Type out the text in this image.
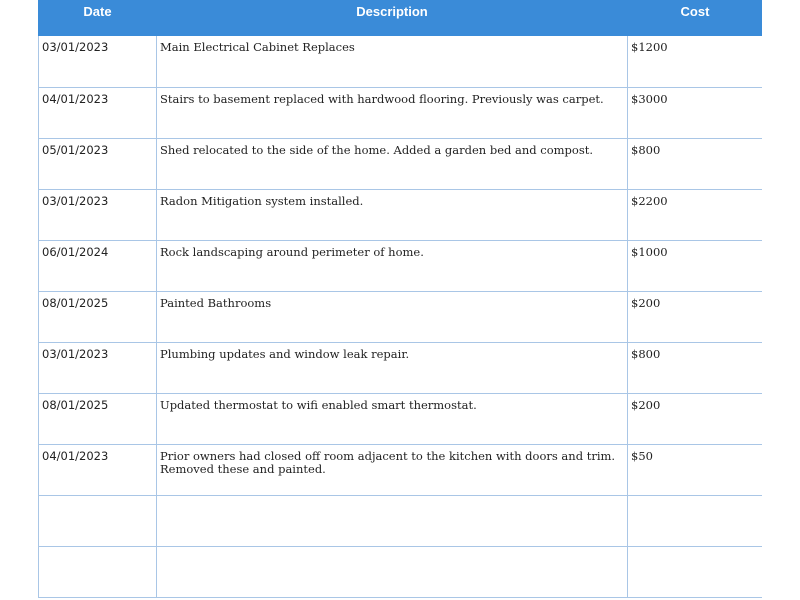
Date	Description	Cost
03/01/2023	Main Electrical Cabinet Replaces	$1200
04/01/2023	Stairs to basement replaced with hardwood flooring. Previously was carpet.	$3000
05/01/2023	Shed relocated to the side of the home. Added a garden bed and compost.	$800
03/01/2023	Radon Mitigation system installed.	$2200
06/01/2024	Rock landscaping around perimeter of home.	$1000
08/01/2025	Painted Bathrooms	$200
03/01/2023	Plumbing updates and window leak repair.	$800
08/01/2025	Updated thermostat to wifi enabled smart thermostat.	$200
04/01/2023	Prior owners had closed off room adjacent to the kitchen with doors and trim. Removed these and painted.	$50
